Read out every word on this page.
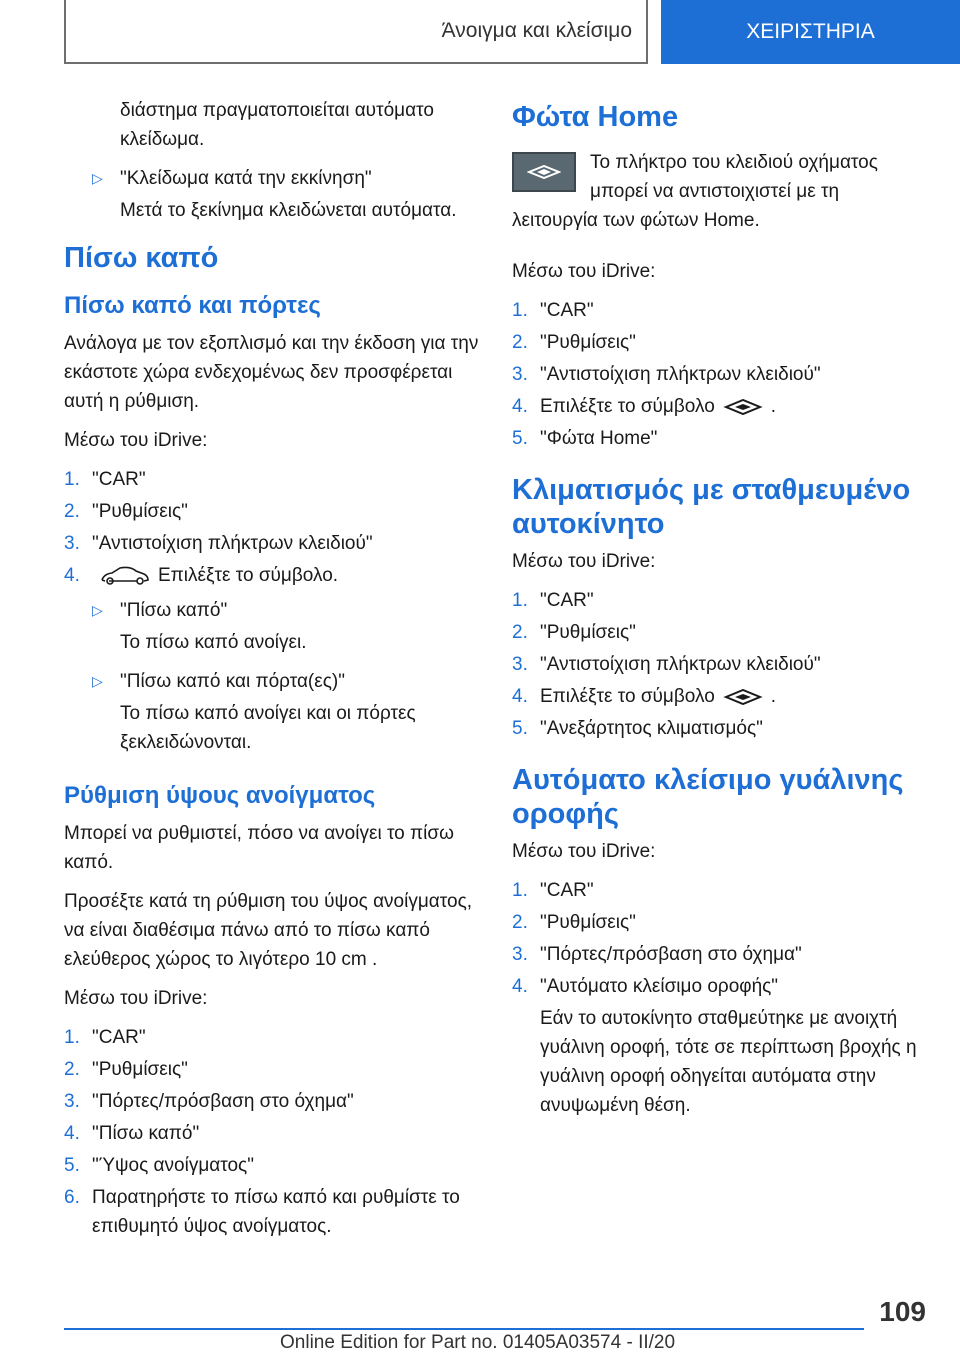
Άνοιγμα και κλείσιμο	ΧΕΙΡΙΣΤΗΡΙΑ

διάστημα πραγματοποιείται αυτόματο κλείδωμα.

▷ "Κλείδωμα κατά την εκκίνηση"

Μετά το ξεκίνημα κλειδώνεται αυτόματα.

Πίσω καπό
Πίσω καπό και πόρτες

Ανάλογα με τον εξοπλισμό και την έκδοση για την εκάστοτε χώρα ενδεχομένως δεν προσφέρεται αυτή η ρύθμιση.

Μέσω του iDrive:

1. "CAR"
2. "Ρυθμίσεις"
3. "Αντιστοίχιση πλήκτρων κλειδιού"
4.	Επιλέξτε το σύμβολο.
▷ "Πίσω καπό"

Το πίσω καπό ανοίγει.

▷ "Πίσω καπό και πόρτα(ες)"

Το πίσω καπό ανοίγει και οι πόρτες ξεκλειδώνονται.

Ρύθμιση ύψους ανοίγματος

Μπορεί να ρυθμιστεί, πόσο να ανοίγει το πίσω καπό.

Προσέξτε κατά τη ρύθμιση του ύψος ανοίγματος, να είναι διαθέσιμα πάνω από το πίσω καπό ελεύθερος χώρος το λιγότερο 10 cm .

Μέσω του iDrive:

1. "CAR"
2. "Ρυθμίσεις"
3. "Πόρτες/πρόσβαση στο όχημα"
4. "Πίσω καπό"
5. "Ύψος ανοίγματος"
6. Παρατηρήστε το πίσω καπό και ρυθμίστε το επιθυμητό ύψος ανοίγματος.
Φώτα Home

Το πλήκτρο του κλειδιού οχήματος μπορεί να αντιστοιχιστεί με τη λειτουργία των φώτων Home.

Μέσω του iDrive:

1. "CAR"
2. "Ρυθμίσεις"
3. "Αντιστοίχιση πλήκτρων κλειδιού"
4. Επιλέξτε το σύμβολο	.
5. "Φώτα Home"
Κλιματισμός με σταθμευμένο αυτοκίνητο

Μέσω του iDrive:

1. "CAR"
2. "Ρυθμίσεις"
3. "Αντιστοίχιση πλήκτρων κλειδιού"
4. Επιλέξτε το σύμβολο	.
5. "Ανεξάρτητος κλιματισμός"
Αυτόματο κλείσιμο γυάλινης οροφής

Μέσω του iDrive:

1. "CAR"
2. "Ρυθμίσεις"
3. "Πόρτες/πρόσβαση στο όχημα"
4. "Αυτόματο κλείσιμο οροφής"

Εάν το αυτοκίνητο σταθμεύτηκε με ανοιχτή γυάλινη οροφή, τότε σε περίπτωση βροχής η γυάλινη οροφή οδηγείται αυτόματα στην ανυψωμένη θέση.

109
Online Edition for Part no. 01405A03574 - II/20
